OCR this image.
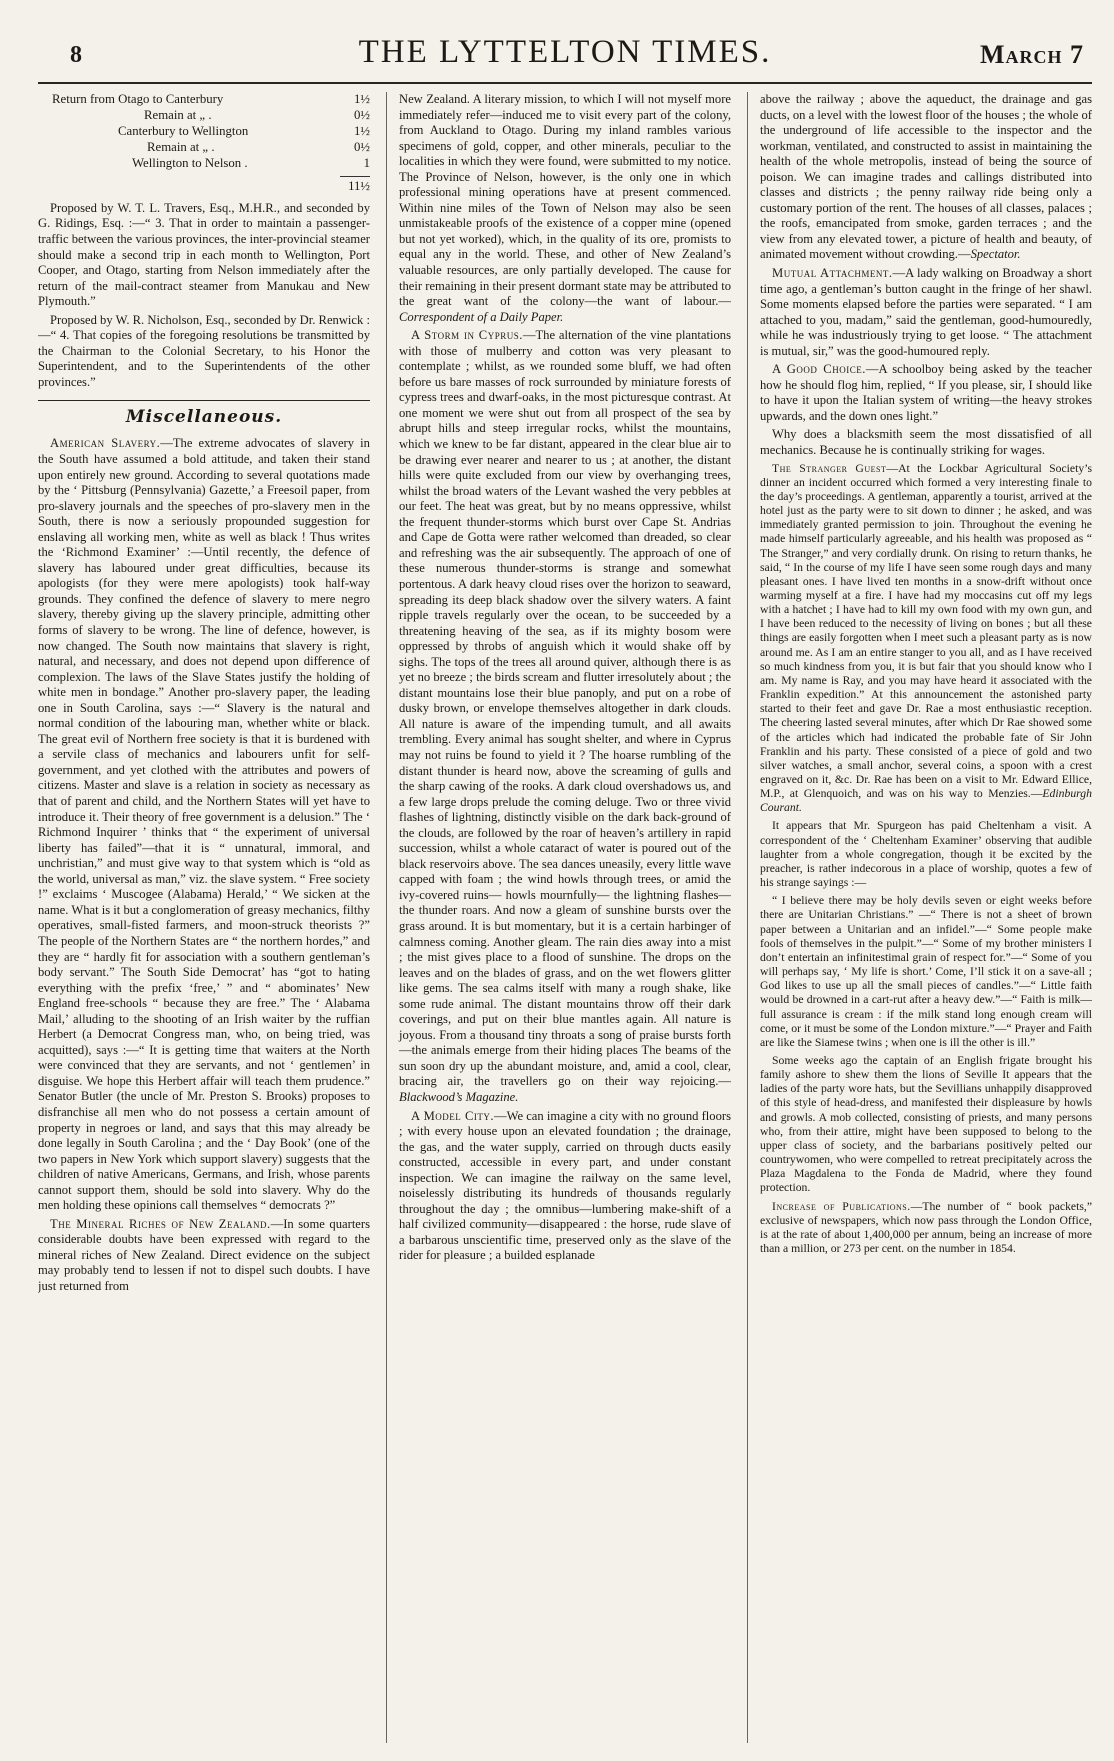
8	THE LYTTELTON TIMES.	March 7
Return from Otago to Canterbury	1½
Remain at „ .	0½
Canterbury to Wellington	1½
Remain at „ .	0½
Wellington to Nelson .	1
11½

Proposed by W. T. L. Travers, Esq., M.H.R., and seconded by G. Ridings, Esq. :—“ 3. That in order to maintain a passenger-traffic between the various provinces, the inter-provincial steamer should make a second trip in each month to Wellington, Port Cooper, and Otago, starting from Nelson immediately after the return of the mail-contract steamer from Manukau and New Plymouth.”

Proposed by W. R. Nicholson, Esq., seconded by Dr. Renwick :—“ 4. That copies of the foregoing resolutions be transmitted by the Chairman to the Colonial Secretary, to his Honor the Superintendent, and to the Superintendents of the other provinces.”

Miscellaneous.

American Slavery.—The extreme advocates of slavery in the South have assumed a bold attitude, and taken their stand upon entirely new ground. According to several quotations made by the ‘ Pittsburg (Pennsylvania) Gazette,’ a Freesoil paper, from pro-slavery journals and the speeches of pro-slavery men in the South, there is now a seriously propounded suggestion for enslaving all working men, white as well as black ! Thus writes the ‘Richmond Examiner’ :—Until recently, the defence of slavery has laboured under great difficulties, because its apologists (for they were mere apologists) took half-way grounds. They confined the defence of slavery to mere negro slavery, thereby giving up the slavery principle, admitting other forms of slavery to be wrong. The line of defence, however, is now changed. The South now maintains that slavery is right, natural, and necessary, and does not depend upon difference of complexion. The laws of the Slave States justify the holding of white men in bondage.” Another pro-slavery paper, the leading one in South Carolina, says :—“ Slavery is the natural and normal condition of the labouring man, whether white or black. The great evil of Northern free society is that it is burdened with a servile class of mechanics and labourers unfit for self-government, and yet clothed with the attributes and powers of citizens. Master and slave is a relation in society as necessary as that of parent and child, and the Northern States will yet have to introduce it. Their theory of free government is a delusion.” The ‘ Richmond Inquirer ’ thinks that “ the experiment of universal liberty has failed”—that it is “ unnatural, immoral, and unchristian,” and must give way to that system which is “old as the world, universal as man,” viz. the slave system. “ Free society !” exclaims ‘ Muscogee (Alabama) Herald,’ “ We sicken at the name. What is it but a conglomeration of greasy mechanics, filthy operatives, small-fisted farmers, and moon-struck theorists ?” The people of the Northern States are “ the northern hordes,” and they are “ hardly fit for association with a southern gentleman’s body servant.” The South Side Democrat’ has “got to hating everything with the prefix ‘free,’ ” and “ abominates’ New England free-schools “ because they are free.” The ‘ Alabama Mail,’ alluding to the shooting of an Irish waiter by the ruffian Herbert (a Democrat Congress man, who, on being tried, was acquitted), says :—“ It is getting time that waiters at the North were convinced that they are servants, and not ‘ gentlemen’ in disguise. We hope this Herbert affair will teach them prudence.” Senator Butler (the uncle of Mr. Preston S. Brooks) proposes to disfranchise all men who do not possess a certain amount of property in negroes or land, and says that this may already be done legally in South Carolina ; and the ‘ Day Book’ (one of the two papers in New York which support slavery) suggests that the children of native Americans, Germans, and Irish, whose parents cannot support them, should be sold into slavery. Why do the men holding these opinions call themselves “ democrats ?”

The Mineral Riches of New Zealand.—In some quarters considerable doubts have been expressed with regard to the mineral riches of New Zealand. Direct evidence on the subject may probably tend to lessen if not to dispel such doubts. I have just returned from

New Zealand. A literary mission, to which I will not myself more immediately refer—induced me to visit every part of the colony, from Auckland to Otago. During my inland rambles various specimens of gold, copper, and other minerals, peculiar to the localities in which they were found, were submitted to my notice. The Province of Nelson, however, is the only one in which professional mining operations have at present commenced. Within nine miles of the Town of Nelson may also be seen unmistakeable proofs of the existence of a copper mine (opened but not yet worked), which, in the quality of its ore, promists to equal any in the world. These, and other of New Zealand’s valuable resources, are only partially developed. The cause for their remaining in their present dormant state may be attributed to the great want of the colony—the want of labour.—Correspondent of a Daily Paper.

A Storm in Cyprus.—The alternation of the vine plantations with those of mulberry and cotton was very pleasant to contemplate ; whilst, as we rounded some bluff, we had often before us bare masses of rock surrounded by miniature forests of cypress trees and dwarf-oaks, in the most picturesque contrast. At one moment we were shut out from all prospect of the sea by abrupt hills and steep irregular rocks, whilst the mountains, which we knew to be far distant, appeared in the clear blue air to be drawing ever nearer and nearer to us ; at another, the distant hills were quite excluded from our view by overhanging trees, whilst the broad waters of the Levant washed the very pebbles at our feet. The heat was great, but by no means oppressive, whilst the frequent thunder-storms which burst over Cape St. Andrias and Cape de Gotta were rather welcomed than dreaded, so clear and refreshing was the air subsequently. The approach of one of these numerous thunder-storms is strange and somewhat portentous. A dark heavy cloud rises over the horizon to seaward, spreading its deep black shadow over the silvery waters. A faint ripple travels regularly over the ocean, to be succeeded by a threatening heaving of the sea, as if its mighty bosom were oppressed by throbs of anguish which it would shake off by sighs. The tops of the trees all around quiver, although there is as yet no breeze ; the birds scream and flutter irresolutely about ; the distant mountains lose their blue panoply, and put on a robe of dusky brown, or envelope themselves altogether in dark clouds. All nature is aware of the impending tumult, and all awaits trembling. Every animal has sought shelter, and where in Cyprus may not ruins be found to yield it ? The hoarse rumbling of the distant thunder is heard now, above the screaming of gulls and the sharp cawing of the rooks. A dark cloud overshadows us, and a few large drops prelude the coming deluge. Two or three vivid flashes of lightning, distinctly visible on the dark back-ground of the clouds, are followed by the roar of heaven’s artillery in rapid succession, whilst a whole cataract of water is poured out of the black reservoirs above. The sea dances uneasily, every little wave capped with foam ; the wind howls through trees, or amid the ivy-covered ruins— howls mournfully— the lightning flashes—the thunder roars. And now a gleam of sunshine bursts over the grass around. It is but momentary, but it is a certain harbinger of calmness coming. Another gleam. The rain dies away into a mist ; the mist gives place to a flood of sunshine. The drops on the leaves and on the blades of grass, and on the wet flowers glitter like gems. The sea calms itself with many a rough shake, like some rude animal. The distant mountains throw off their dark coverings, and put on their blue mantles again. All nature is joyous. From a thousand tiny throats a song of praise bursts forth—the animals emerge from their hiding places The beams of the sun soon dry up the abundant moisture, and, amid a cool, clear, bracing air, the travellers go on their way rejoicing.—Blackwood’s Magazine.

A Model City.—We can imagine a city with no ground floors ; with every house upon an elevated foundation ; the drainage, the gas, and the water supply, carried on through ducts easily constructed, accessible in every part, and under constant inspection. We can imagine the railway on the same level, noiselessly distributing its hundreds of thousands regularly throughout the day ; the omnibus—lumbering make-shift of a half civilized community—disappeared : the horse, rude slave of a barbarous unscientific time, preserved only as the slave of the rider for pleasure ; a builded esplanade

above the railway ; above the aqueduct, the drainage and gas ducts, on a level with the lowest floor of the houses ; the whole of the underground of life accessible to the inspector and the workman, ventilated, and constructed to assist in maintaining the health of the whole metropolis, instead of being the source of poison. We can imagine trades and callings distributed into classes and districts ; the penny railway ride being only a customary portion of the rent. The houses of all classes, palaces ; the roofs, emancipated from smoke, garden terraces ; and the view from any elevated tower, a picture of health and beauty, of animated movement without crowding.—Spectator.

Mutual Attachment.—A lady walking on Broadway a short time ago, a gentleman’s button caught in the fringe of her shawl. Some moments elapsed before the parties were separated. “ I am attached to you, madam,” said the gentleman, good-humouredly, while he was industriously trying to get loose. “ The attachment is mutual, sir,” was the good-humoured reply.

A Good Choice.—A schoolboy being asked by the teacher how he should flog him, replied, “ If you please, sir, I should like to have it upon the Italian system of writing—the heavy strokes upwards, and the down ones light.”

Why does a blacksmith seem the most dissatisfied of all mechanics. Because he is continually striking for wages.

The Stranger Guest—At the Lockbar Agricultural Society’s dinner an incident occurred which formed a very interesting finale to the day’s proceedings. A gentleman, apparently a tourist, arrived at the hotel just as the party were to sit down to dinner ; he asked, and was immediately granted permission to join. Throughout the evening he made himself particularly agreeable, and his health was proposed as “ The Stranger,” and very cordially drunk. On rising to return thanks, he said, “ In the course of my life I have seen some rough days and many pleasant ones. I have lived ten months in a snow-drift without once warming myself at a fire. I have had my moccasins cut off my legs with a hatchet ; I have had to kill my own food with my own gun, and I have been reduced to the necessity of living on bones ; but all these things are easily forgotten when I meet such a pleasant party as is now around me. As I am an entire stanger to you all, and as I have received so much kindness from you, it is but fair that you should know who I am. My name is Ray, and you may have heard it associated with the Franklin expedition.” At this announcement the astonished party started to their feet and gave Dr. Rae a most enthusiastic reception. The cheering lasted several minutes, after which Dr Rae showed some of the articles which had indicated the probable fate of Sir John Franklin and his party. These consisted of a piece of gold and two silver watches, a small anchor, several coins, a spoon with a crest engraved on it, &c. Dr. Rae has been on a visit to Mr. Edward Ellice, M.P., at Glenquoich, and was on his way to Menzies.—Edinburgh Courant.

It appears that Mr. Spurgeon has paid Cheltenham a visit. A correspondent of the ‘ Cheltenham Examiner’ observing that audible laughter from a whole congregation, though it be excited by the preacher, is rather indecorous in a place of worship, quotes a few of his strange sayings :—

“ I believe there may be holy devils seven or eight weeks before there are Unitarian Christians.” —“ There is not a sheet of brown paper between a Unitarian and an infidel.”—“ Some people make fools of themselves in the pulpit.”—“ Some of my brother ministers I don’t entertain an infinitestimal grain of respect for.”—“ Some of you will perhaps say, ‘ My life is short.’ Come, I’ll stick it on a save-all ; God likes to use up all the small pieces of candles.”—“ Little faith would be drowned in a cart-rut after a heavy dew.”—“ Faith is milk—full assurance is cream : if the milk stand long enough cream will come, or it must be some of the London mixture.”—“ Prayer and Faith are like the Siamese twins ; when one is ill the other is ill.”

Some weeks ago the captain of an English frigate brought his family ashore to shew them the lions of Seville It appears that the ladies of the party wore hats, but the Sevillians unhappily disapproved of this style of head-dress, and manifested their displeasure by howls and growls. A mob collected, consisting of priests, and many persons who, from their attire, might have been supposed to belong to the upper class of society, and the barbarians positively pelted our countrywomen, who were compelled to retreat precipitately across the Plaza Magdalena to the Fonda de Madrid, where they found protection.

Increase of Publications.—The number of “ book packets,” exclusive of newspapers, which now pass through the London Office, is at the rate of about 1,400,000 per annum, being an increase of more than a million, or 273 per cent. on the number in 1854.
